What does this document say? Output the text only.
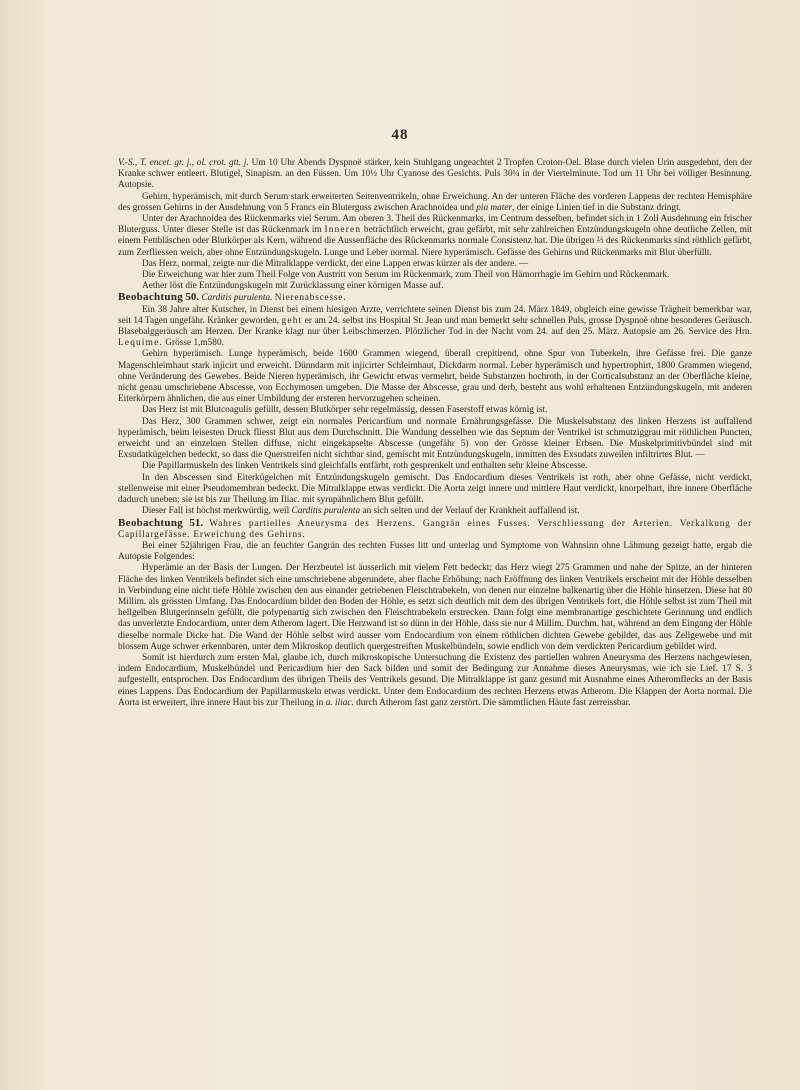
48

V.-S., T. encet. gr. j., ol. crot. gtt. j. Um 10 Uhr Abends Dyspnoë stärker, kein Stuhlgang ungeachtet 2 Tropfen Croton-Oel. Blase durch vielen Urin ausgedehnt, den der Kranke schwer entleert. Blutigel, Sinapism. an den Füssen. Um 10½ Uhr Cyanose des Gesichts. Puls 30¼ in der Viertelminute. Tod um 11 Uhr bei völliger Besinnung. Autopsie.

Gehirn, hyperämisch, mit durch Serum stark erweiterten Seitenventrikeln, ohne Erweichung. An der unteren Fläche des vorderen Lappens der rechten Hemisphäre des grossen Gehirns in der Ausdehnung von 5 Francs ein Bluterguss zwischen Arachnoidea und pia mater, der einige Linien tief in die Substanz dringt.

Unter der Arachnoidea des Rückenmarks viel Serum. Am oberen 3. Theil des Rückenmarks, im Centrum desselben, befindet sich in 1 Zoll Ausdehnung ein frischer Bluterguss. Unter dieser Stelle ist das Rückenmark im Inneren beträchtlich erweicht, grau gefärbt, mit sehr zahlreichen Entzündungskugeln ohne deutliche Zellen, mit einem Fettbläschen oder Blutkörper als Kern, während die Aussenfläche des Rückenmarks normale Consistenz hat. Die übrigen ⅔ des Rückenmarks sind röthlich gefärbt, zum Zerfliessen weich, aber ohne Entzündungskugeln. Lunge und Leber normal. Niere hyperämisch. Gefässe des Gehirns und Rückenmarks mit Blut überfüllt.

Das Herz, normal, zeigte nur die Mitralklappe verdickt, der eine Lappen etwas kürzer als der andere. —

Die Erweichung war hier zum Theil Folge von Austritt von Serum im Rückenmark, zum Theil von Hämorrhagie im Gehirn und Rückenmark.

Aether löst die Entzündungskugeln mit Zurücklassung einer körnigen Masse auf.

Beobachtung 50. Carditis purulenta. Nierenabscesse.

Ein 38 Jahre alter Kutscher, in Dienst bei einem hiesigen Arzte, verrichtete seinen Dienst bis zum 24. März 1849, obgleich eine gewisse Trägheit bemerkbar war, seit 14 Tagen ungefähr. Kränker geworden, geht er am 24. selbst ins Hospital St. Jean und man bemerkt sehr schnellen Puls, grosse Dyspnoë ohne besonderes Geräusch. Blasebalggeräusch am Herzen. Der Kranke klagt nur über Leibschmerzen. Plötzlicher Tod in der Nacht vom 24. auf den 25. März. Autopsie am 26. Service des Hrn. Lequime. Grösse 1,m580.

Gehirn hyperämisch. Lunge hyperämisch, beide 1600 Grammen wiegend, überall crepitirend, ohne Spur von Tuberkeln, ihre Gefässe frei. Die ganze Magenschleimhaut stark injicirt und erweicht. Dünndarm mit injicirter Schleimhaut, Dickdarm normal. Leber hyperämisch und hypertrophirt, 1800 Grammen wiegend, ohne Veränderung des Gewebes. Beide Nieren hyperämisch, ihr Gewicht etwas vermehrt, beide Substanzen hochroth, in der Corticalsubstanz an der Oberfläche kleine, nicht genau umschriebene Abscesse, von Ecchymosen umgeben. Die Masse der Abscesse, grau und derb, besteht aus wohl erhaltenen Entzündungskugeln, mit anderen Eiterkörpern ähnlichen, die aus einer Umbildung der ersteren hervorzugehen scheinen.

Das Herz ist mit Blutcoagulis gefüllt, dessen Blutkörper sehr regelmässig, dessen Faserstoff etwas körnig ist.

Das Herz, 300 Grammen schwer, zeigt ein normales Pericardium und normale Ernährungsgefässe. Die Muskelsubstanz des linken Herzens ist auffallend hyperämisch, beim leisesten Druck fliesst Blut aus dem Durchschnitt. Die Wandung desselben wie das Septum der Ventrikel ist schmutziggrau mit röthlichen Puncten, erweicht und an einzelnen Stellen diffuse, nicht eingekapselte Abscesse (ungefähr 5) von der Grösse kleiner Erbsen. Die Muskelprimitivbündel sind mit Exsudatkügelchen bedeckt, so dass die Querstreifen nicht sichtbar sind, gemischt mit Entzündungskugeln, inmitten des Exsudats zuweilen infiltrirtes Blut. —

Die Papillarmuskeln des linken Ventrikels sind gleichfalls entfärbt, roth gesprenkelt und enthalten sehr kleine Abscesse.

In den Abscessen sind Eiterkügelchen mit Entzündungskugeln gemischt. Das Endocardium dieses Ventrikels ist roth, aber ohne Gefässe, nicht verdickt, stellenweise mit einer Pseudomembran bedeckt. Die Mitralklappe etwas verdickt. Die Aorta zeigt innere und mittlere Haut verdickt, knorpelhart, ihre innere Oberfläche dadurch uneben; sie ist bis zur Theilung im Iliac. mit syrupähnlichem Blut gefüllt.

Dieser Fall ist höchst merkwürdig, weil Carditis purulenta an sich selten und der Verlauf der Krankheit auffallend ist.

Beobachtung 51. Wahres partielles Aneurysma des Herzens. Gangrän eines Fusses. Verschliessung der Arterien. Verkalkung der Capillargefässe. Erweichung des Gehirns.

Bei einer 52jährigen Frau, die an feuchter Gangrän des rechten Fusses litt und unterlag und Symptome von Wahnsinn ohne Lähmung gezeigt hatte, ergab die Autopsie Folgendes:

Hyperämie an der Basis der Lungen. Der Herzbeutel ist äusserlich mit vielem Fett bedeckt; das Herz wiegt 275 Grammen und nahe der Spitze, an der hinteren Fläche des linken Ventrikels befindet sich eine umschriebene abgerundete, aber flache Erhöhung; nach Eröffnung des linken Ventrikels erscheint mit der Höhle desselben in Verbindung eine nicht tiefe Höhle zwischen den aus einander getriebenen Fleischtrabekeln, von denen nur einzelne balkenartig über die Höhle hinsetzen. Diese hat 80 Millim. als grössten Umfang. Das Endocardium bildet den Boden der Höhle, es setzt sich deutlich mit dem des übrigen Ventrikels fort, die Höhle selbst ist zum Theil mit hellgelben Blutgerinnseln gefüllt, die polypenartig sich zwischen den Fleischtrabekeln erstrecken. Dann folgt eine membranartige geschichtete Gerinnung und endlich das unverletzte Endocardium, unter dem Atherom lagert. Die Herzwand ist so dünn in der Höhle, dass sie nur 4 Millim. Durchm. hat, während an dem Eingang der Höhle dieselbe normale Dicke hat. Die Wand der Höhle selbst wird ausser vom Endocardium von einem röthlichen dichten Gewebe gebildet, das aus Zellgewebe und mit blossem Auge schwer erkennbaren, unter dem Mikroskop deutlich quergestreiften Muskelbündeln, sowie endlich von dem verdickten Pericardium gebildet wird.

Somit ist hierdurch zum ersten Mal, glaube ich, durch mikroskopische Untersuchung die Existenz des partiellen wahren Aneurysma des Herzens nachgewiesen, indem Endocardium, Muskelbündel und Pericardium hier den Sack bilden und somit der Bedingung zur Annahme dieses Aneurysmas, wie ich sie Lief. 17 S. 3 aufgestellt, entsprochen. Das Endocardium des übrigen Theils des Ventrikels gesund. Die Mitralklappe ist ganz gesund mit Ausnahme eines Atheromflecks an der Basis eines Lappens. Das Endocardium der Papillarmuskeln etwas verdickt. Unter dem Endocardium des rechten Herzens etwas Atherom. Die Klappen der Aorta normal. Die Aorta ist erweitert, ihre innere Haut bis zur Theilung in a. iliac. durch Atherom fast ganz zerstört. Die sämmtlichen Häute fast zerreissbar.
